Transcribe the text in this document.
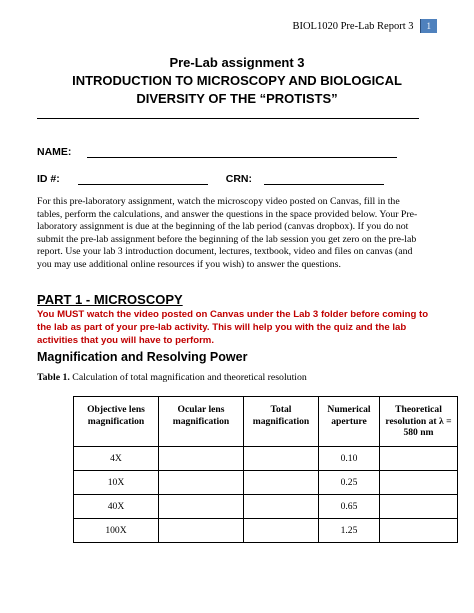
BIOL1020 Pre-Lab Report 3	1
Pre-Lab assignment 3
INTRODUCTION TO MICROSCOPY AND BIOLOGICAL
DIVERSITY OF THE “PROTISTS”
NAME:
ID #:	CRN:
For this pre-laboratory assignment, watch the microscopy video posted on Canvas, fill in the tables, perform the calculations, and answer the questions in the space provided below. Your Pre-laboratory assignment is due at the beginning of the lab period (canvas dropbox). If you do not submit the pre-lab assignment before the beginning of the lab session you get zero on the pre-lab report. Use your lab 3 introduction document, lectures, textbook, video and files on canvas (and you may use additional online resources if you wish) to answer the questions.
PART 1 - MICROSCOPY
You MUST watch the video posted on Canvas under the Lab 3 folder before coming to the lab as part of your pre-lab activity. This will help you with the quiz and the lab activities that you will have to perform.
Magnification and Resolving Power
Table 1. Calculation of total magnification and theoretical resolution
Objective lens magnification	Ocular lens magnification	Total magnification	Numerical aperture	Theoretical resolution at λ = 580 nm
4X			0.10	
10X			0.25	
40X			0.65	
100X			1.25	
